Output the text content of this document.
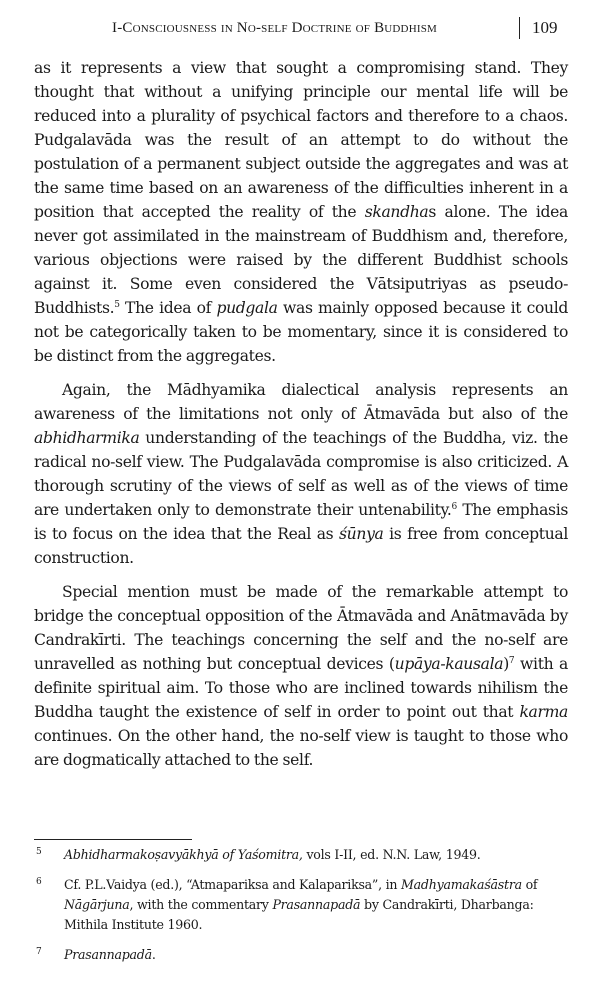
I-Consciousness in No-self Doctrine of Buddhism	109

as it represents a view that sought a compromising stand. They thought that without a unifying principle our mental life will be reduced into a plurality of psychical factors and therefore to a chaos. Pudgalavāda was the result of an attempt to do without the postulation of a permanent subject outside the aggregates and was at the same time based on an awareness of the difficulties inherent in a position that accepted the reality of the skandhas alone. The idea never got assimilated in the mainstream of Buddhism and, therefore, various objections were raised by the different Buddhist schools against it. Some even considered the Vātsiputriyas as pseudo-Buddhists.$^5$ The idea of pudgala was mainly opposed because it could not be categorically taken to be momentary, since it is considered to be distinct from the aggregates.

Again, the Mādhyamika dialectical analysis represents an awareness of the limitations not only of Ātmavāda but also of the abhidharmika understanding of the teachings of the Buddha, viz. the radical no-self view. The Pudgalavāda compromise is also criticized. A thorough scrutiny of the views of self as well as of the views of time are undertaken only to demonstrate their untenability.$^6$ The emphasis is to focus on the idea that the Real as śūnya is free from conceptual construction.

Special mention must be made of the remarkable attempt to bridge the conceptual opposition of the Ātmavāda and Anātmavāda by Candrakīrti. The teachings concerning the self and the no-self are unravelled as nothing but conceptual devices (upāya-kausala)$^7$ with a definite spiritual aim. To those who are inclined towards nihilism the Buddha taught the existence of self in order to point out that karma continues. On the other hand, the no-self view is taught to those who are dogmatically attached to the self.

5 Abhidharmakoṣavyākhyā of Yaśomitra, vols I-II, ed. N.N. Law, 1949.
6 Cf. P.L.Vaidya (ed.), “Atmapariksa and Kalapariksa”, in Madhyamakaśāstra of Nāgārjuna, with the commentary Prasannapadā by Candrakīrti, Dharbanga: Mithila Institute 1960.
7 Prasannapadā.
